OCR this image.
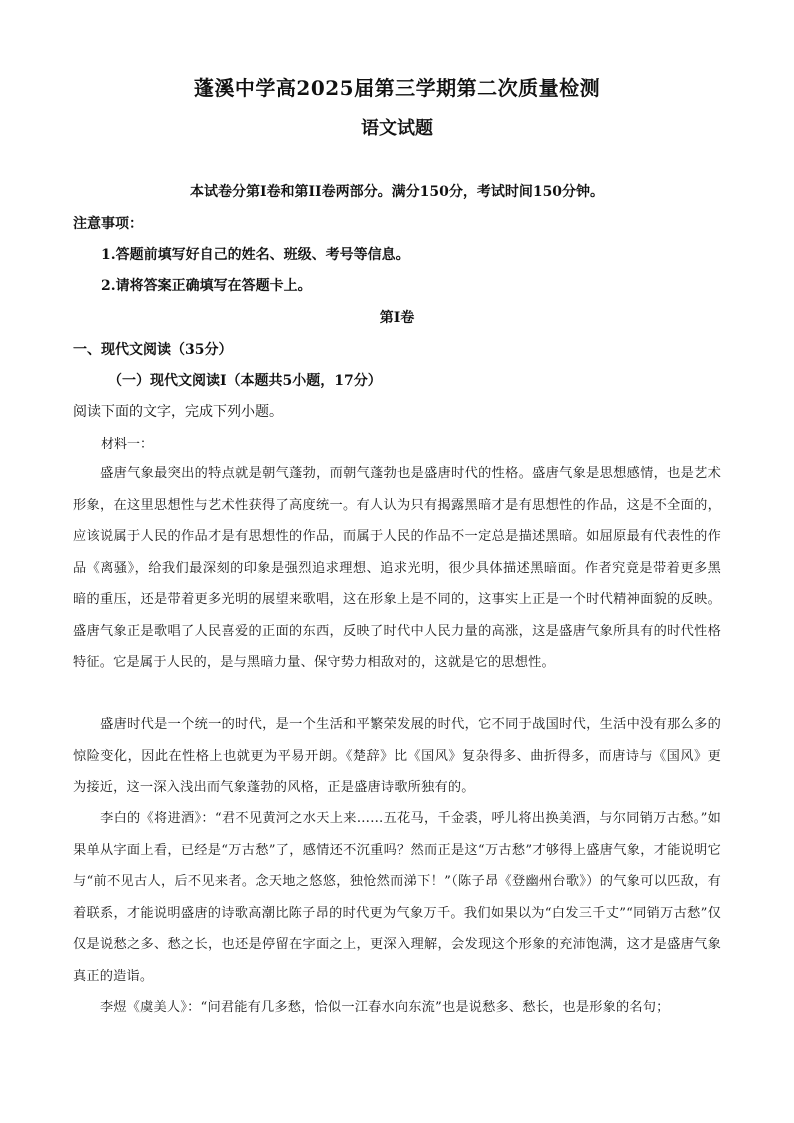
蓬溪中学高2025届第三学期第二次质量检测
语文试题
本试卷分第I卷和第II卷两部分。满分150分，考试时间150分钟。
注意事项：
1.答题前填写好自己的姓名、班级、考号等信息。
2.请将答案正确填写在答题卡上。
第I卷
一、现代文阅读（35分）
（一）现代文阅读I（本题共5小题，17分）
阅读下面的文字，完成下列小题。
材料一：
盛唐气象最突出的特点就是朝气蓬勃，而朝气蓬勃也是盛唐时代的性格。盛唐气象是思想感情，也是艺术形象，在这里思想性与艺术性获得了高度统一。有人认为只有揭露黑暗才是有思想性的作品，这是不全面的，应该说属于人民的作品才是有思想性的作品，而属于人民的作品不一定总是描述黑暗。如屈原最有代表性的作品《离骚》，给我们最深刻的印象是强烈追求理想、追求光明，很少具体描述黑暗面。作者究竟是带着更多黑暗的重压，还是带着更多光明的展望来歌唱，这在形象上是不同的，这事实上正是一个时代精神面貌的反映。盛唐气象正是歌唱了人民喜爱的正面的东西，反映了时代中人民力量的高涨，这是盛唐气象所具有的时代性格特征。它是属于人民的，是与黑暗力量、保守势力相敌对的，这就是它的思想性。
盛唐时代是一个统一的时代，是一个生活和平繁荣发展的时代，它不同于战国时代，生活中没有那么多的惊险变化，因此在性格上也就更为平易开朗。《楚辞》比《国风》复杂得多、曲折得多，而唐诗与《国风》更为接近，这一深入浅出而气象蓬勃的风格，正是盛唐诗歌所独有的。
李白的《将进酒》：“君不见黄河之水天上来……五花马，千金裘，呼儿将出换美酒，与尔同销万古愁。”如果单从字面上看，已经是“万古愁”了，感情还不沉重吗？然而正是这“万古愁”才够得上盛唐气象，才能说明它与“前不见古人，后不见来者。念天地之悠悠，独怆然而涕下！”（陈子昂《登幽州台歌》）的气象可以匹敌，有着联系，才能说明盛唐的诗歌高潮比陈子昂的时代更为气象万千。我们如果以为“白发三千丈”“同销万古愁”仅仅是说愁之多、愁之长，也还是停留在字面之上，更深入理解，会发现这个形象的充沛饱满，这才是盛唐气象真正的造诣。
李煜《虞美人》：“问君能有几多愁，恰似一江春水向东流”也是说愁多、愁长，也是形象的名句；
